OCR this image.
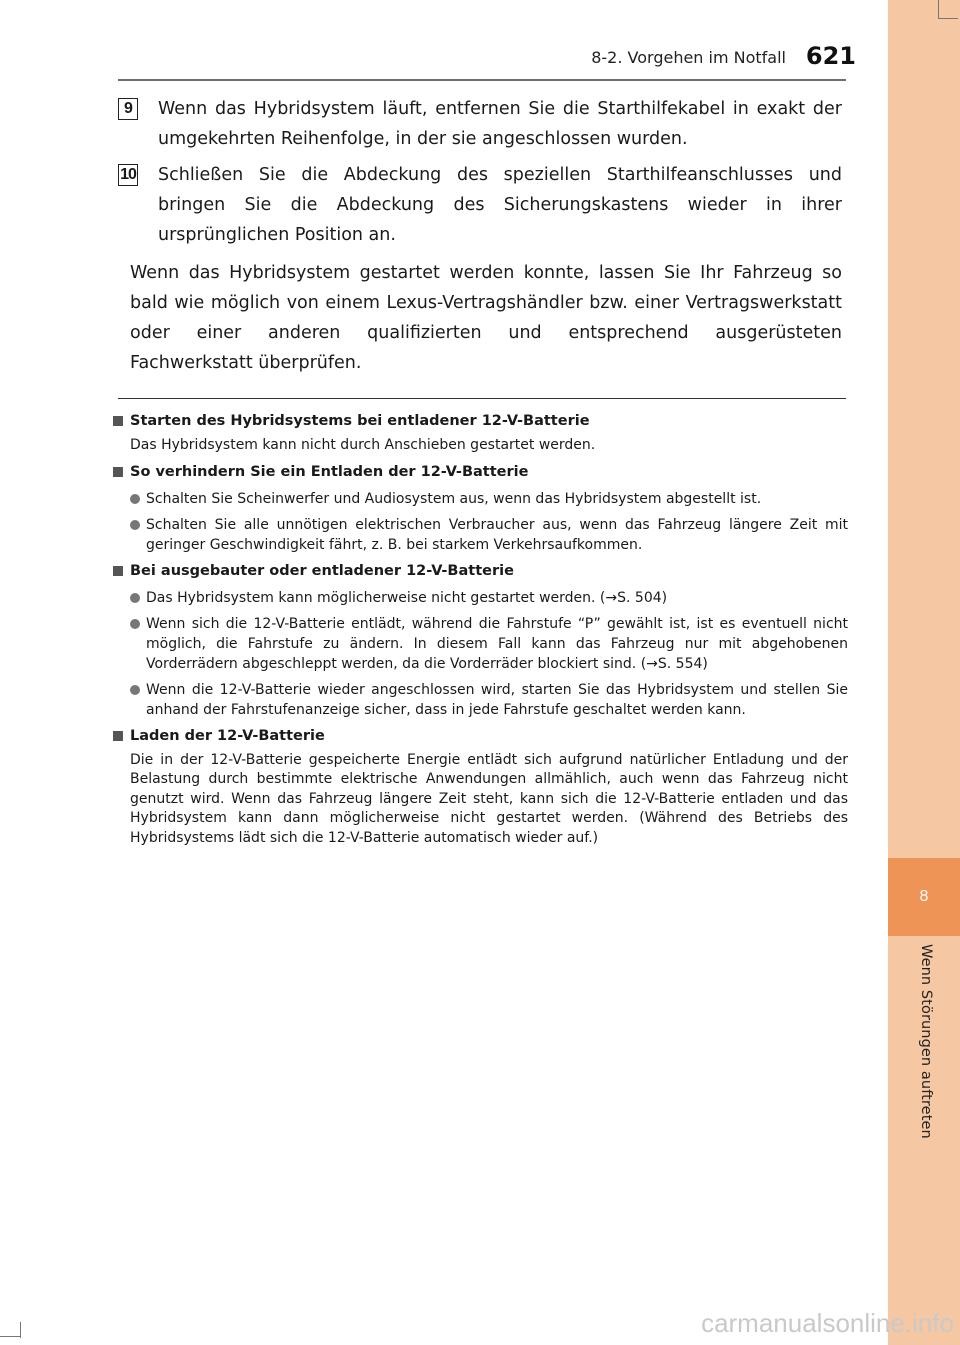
8
Wenn Störungen auftreten
8-2. Vorgehen im Notfall 621
9	Wenn das Hybridsystem läuft, entfernen Sie die Starthilfekabel in exakt der umgekehrten Reihenfolge, in der sie angeschlossen wurden.
10 Schließen Sie die Abdeckung des speziellen Starthilfeanschlusses und bringen Sie die Abdeckung des Sicherungskastens wieder in ihrer ursprünglichen Position an.
Wenn das Hybridsystem gestartet werden konnte, lassen Sie Ihr Fahrzeug so bald wie möglich von einem Lexus-Vertragshändler bzw. einer Vertragswerkstatt oder einer anderen qualifizierten und entsprechend ausgerüsteten Fachwerkstatt überprüfen.
Starten des Hybridsystems bei entladener 12-V-Batterie
Das Hybridsystem kann nicht durch Anschieben gestartet werden.
So verhindern Sie ein Entladen der 12-V-Batterie
Schalten Sie Scheinwerfer und Audiosystem aus, wenn das Hybridsystem abgestellt ist.
Schalten Sie alle unnötigen elektrischen Verbraucher aus, wenn das Fahrzeug längere Zeit mit geringer Geschwindigkeit fährt, z. B. bei starkem Verkehrsaufkommen.
Bei ausgebauter oder entladener 12-V-Batterie
Das Hybridsystem kann möglicherweise nicht gestartet werden. (→S. 504)
Wenn sich die 12-V-Batterie entlädt, während die Fahrstufe “P” gewählt ist, ist es eventuell nicht möglich, die Fahrstufe zu ändern. In diesem Fall kann das Fahrzeug nur mit abgehobenen Vorderrädern abgeschleppt werden, da die Vorderräder blockiert sind. (→S. 554)
Wenn die 12-V-Batterie wieder angeschlossen wird, starten Sie das Hybridsystem und stellen Sie anhand der Fahrstufenanzeige sicher, dass in jede Fahrstufe geschaltet werden kann.
Laden der 12-V-Batterie
Die in der 12-V-Batterie gespeicherte Energie entlädt sich aufgrund natürlicher Entladung und der Belastung durch bestimmte elektrische Anwendungen allmählich, auch wenn das Fahrzeug nicht genutzt wird. Wenn das Fahrzeug längere Zeit steht, kann sich die 12-V-Batterie entladen und das Hybridsystem kann dann möglicherweise nicht gestartet werden. (Während des Betriebs des Hybridsystems lädt sich die 12-V-Batterie automatisch wieder auf.)
carmanualsonline.info
